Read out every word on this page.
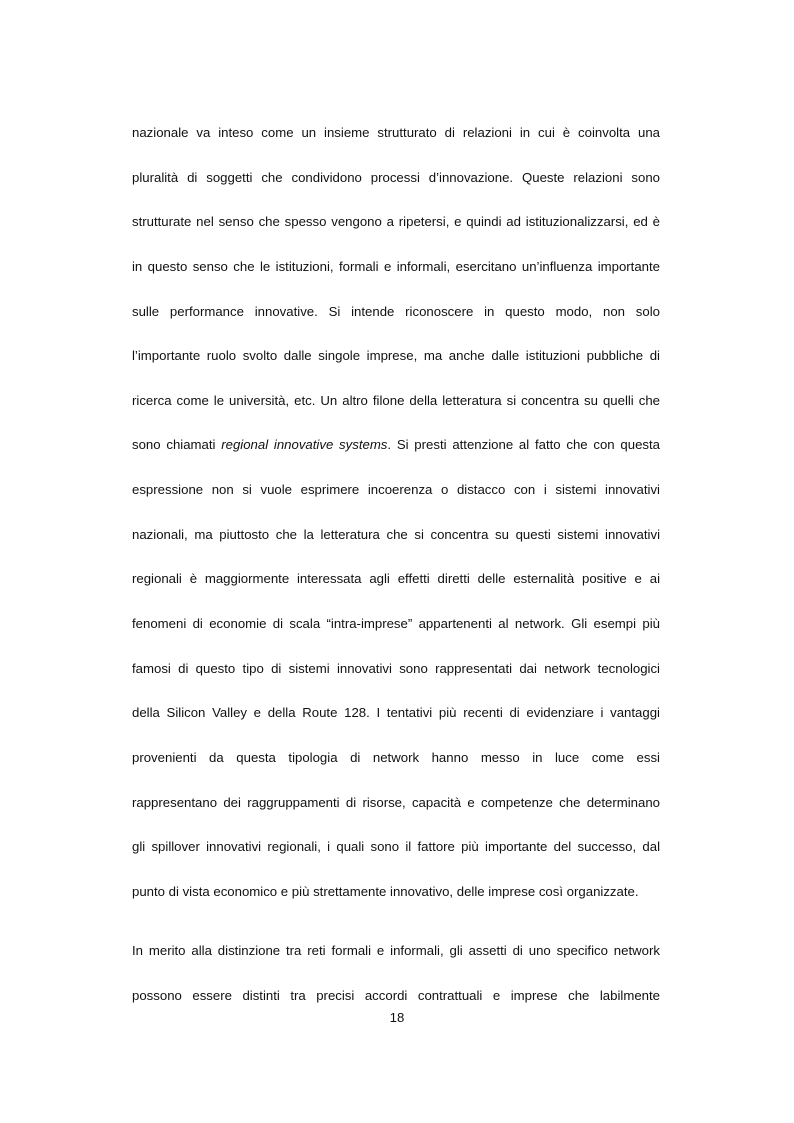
nazionale va inteso come un insieme strutturato di relazioni in cui è coinvolta una
pluralità di soggetti che condividono processi d’innovazione. Queste relazioni sono
strutturate nel senso che spesso vengono a ripetersi, e quindi ad istituzionalizzarsi, ed è
in questo senso che le istituzioni, formali e informali, esercitano un’influenza importante
sulle performance innovative. Si intende riconoscere in questo modo, non solo
l’importante ruolo svolto dalle singole imprese, ma anche dalle istituzioni pubbliche di
ricerca come le università, etc. Un altro filone della letteratura si concentra su quelli che
sono chiamati regional innovative systems. Si presti attenzione al fatto che con questa
espressione non si vuole esprimere incoerenza o distacco con i sistemi innovativi
nazionali, ma piuttosto che la letteratura che si concentra su questi sistemi innovativi
regionali è maggiormente interessata agli effetti diretti delle esternalità positive e ai
fenomeni di economie di scala “intra-imprese” appartenenti al network. Gli esempi più
famosi di questo tipo di sistemi innovativi sono rappresentati dai network tecnologici
della Silicon Valley e della Route 128. I tentativi più recenti di evidenziare i vantaggi
provenienti da questa tipologia di network hanno messo in luce come essi
rappresentano dei raggruppamenti di risorse, capacità e competenze che determinano
gli spillover innovativi regionali, i quali sono il fattore più importante del successo, dal
punto di vista economico e più strettamente innovativo, delle imprese così organizzate.
In merito alla distinzione tra reti formali e informali, gli assetti di uno specifico network
possono essere distinti tra precisi accordi contrattuali e imprese che labilmente
18
